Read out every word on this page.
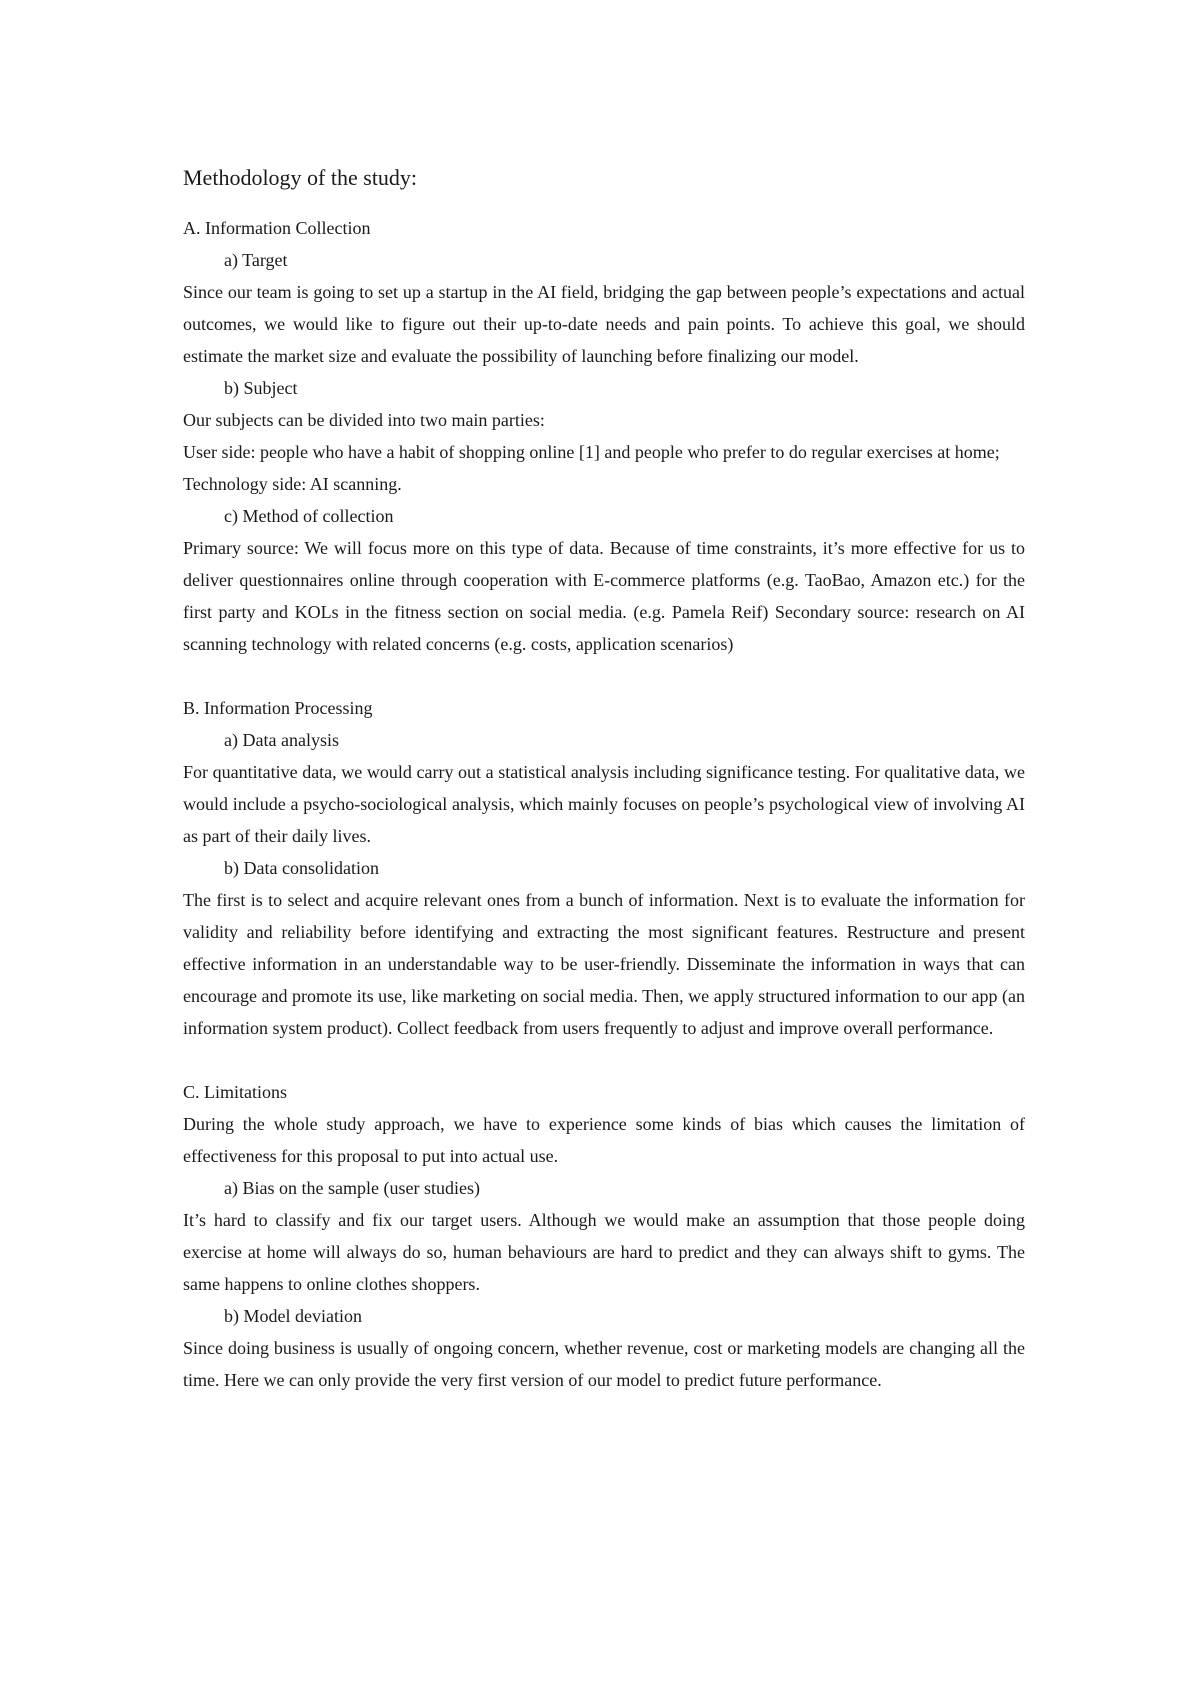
Methodology of the study:

A. Information Collection

a) Target

Since our team is going to set up a startup in the AI field, bridging the gap between people’s expectations and actual outcomes, we would like to figure out their up-to-date needs and pain points. To achieve this goal, we should estimate the market size and evaluate the possibility of launching before finalizing our model.

b) Subject

Our subjects can be divided into two main parties:

User side: people who have a habit of shopping online [1] and people who prefer to do regular exercises at home;

Technology side: AI scanning.

c) Method of collection

Primary source: We will focus more on this type of data. Because of time constraints, it’s more effective for us to deliver questionnaires online through cooperation with E-commerce platforms (e.g. TaoBao, Amazon etc.) for the first party and KOLs in the fitness section on social media. (e.g. Pamela Reif) Secondary source: research on AI scanning technology with related concerns (e.g. costs, application scenarios)

B. Information Processing

a) Data analysis

For quantitative data, we would carry out a statistical analysis including significance testing. For qualitative data, we would include a psycho-sociological analysis, which mainly focuses on people’s psychological view of involving AI as part of their daily lives.

b) Data consolidation

The first is to select and acquire relevant ones from a bunch of information. Next is to evaluate the information for validity and reliability before identifying and extracting the most significant features. Restructure and present effective information in an understandable way to be user-friendly. Disseminate the information in ways that can encourage and promote its use, like marketing on social media. Then, we apply structured information to our app (an information system product). Collect feedback from users frequently to adjust and improve overall performance.

C. Limitations

During the whole study approach, we have to experience some kinds of bias which causes the limitation of effectiveness for this proposal to put into actual use.

a) Bias on the sample (user studies)

It’s hard to classify and fix our target users. Although we would make an assumption that those people doing exercise at home will always do so, human behaviours are hard to predict and they can always shift to gyms. The same happens to online clothes shoppers.

b) Model deviation

Since doing business is usually of ongoing concern, whether revenue, cost or marketing models are changing all the time. Here we can only provide the very first version of our model to predict future performance.
